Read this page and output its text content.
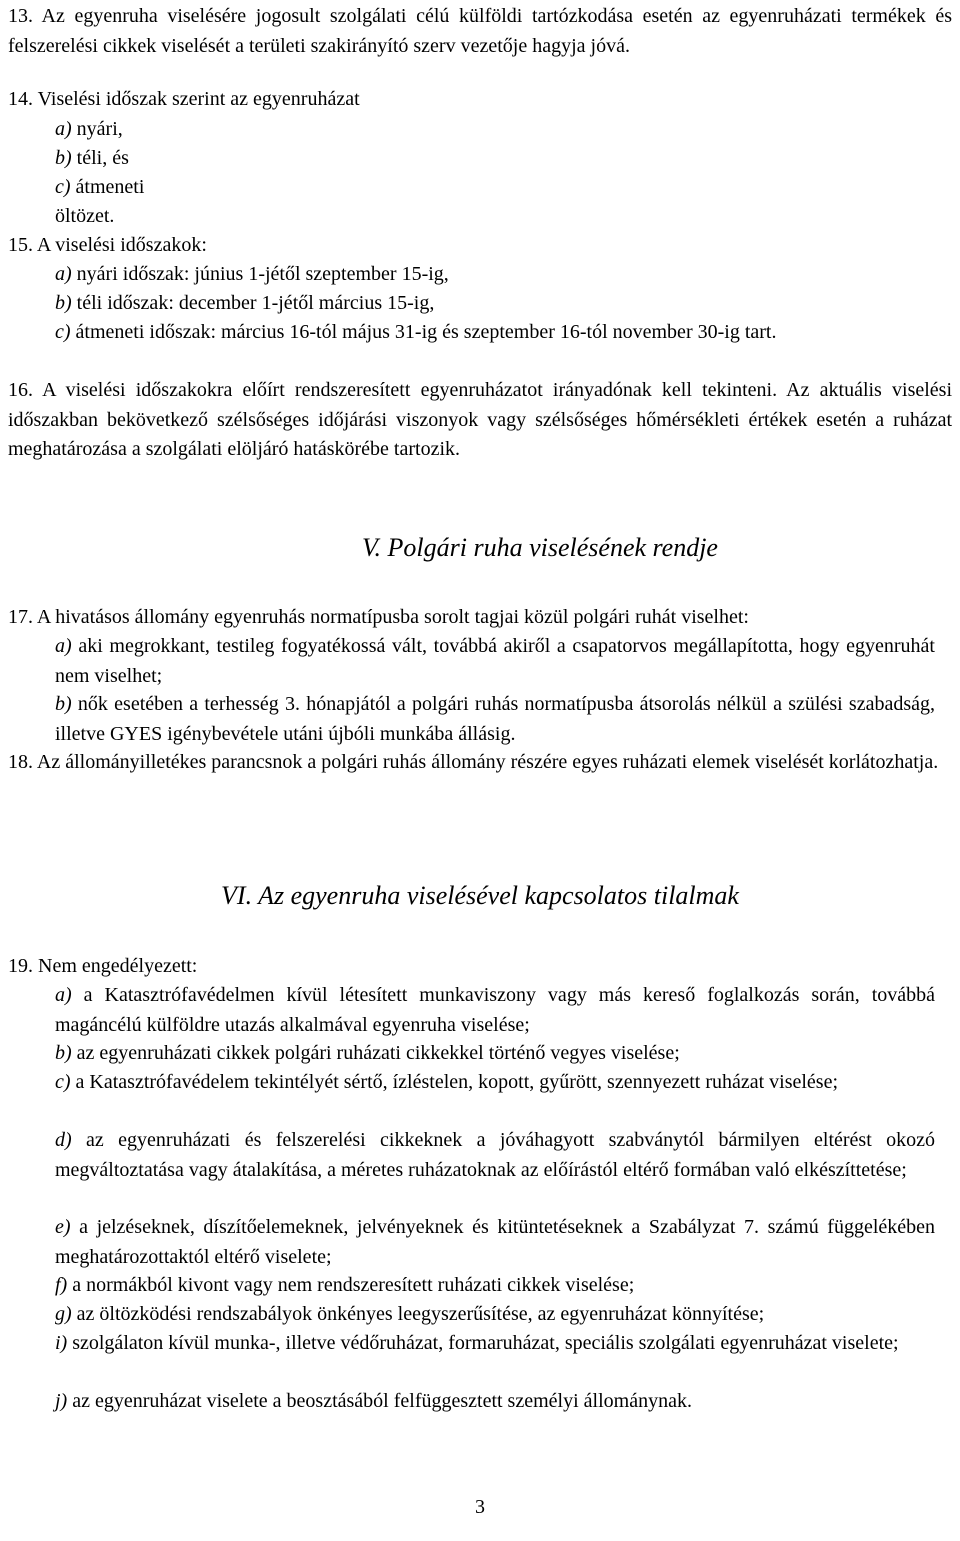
13. Az egyenruha viselésére jogosult szolgálati célú külföldi tartózkodása esetén az egyenruházati termékek és felszerelési cikkek viselését a területi szakirányító szerv vezetője hagyja jóvá.
14. Viselési időszak szerint az egyenruházat
a) nyári,
b) téli, és
c) átmeneti
öltözet.
15. A viselési időszakok:
a) nyári időszak: június 1-jétől szeptember 15-ig,
b) téli időszak: december 1-jétől március 15-ig,
c) átmeneti időszak: március 16-tól május 31-ig és szeptember 16-tól november 30-ig tart.
16. A viselési időszakokra előírt rendszeresített egyenruházatot irányadónak kell tekinteni. Az aktuális viselési időszakban bekövetkező szélsőséges időjárási viszonyok vagy szélsőséges hőmérsékleti értékek esetén a ruházat meghatározása a szolgálati elöljáró hatáskörébe tartozik.
V. Polgári ruha viselésének rendje
17. A hivatásos állomány egyenruhás normatípusba sorolt tagjai közül polgári ruhát viselhet:
a) aki megrokkant, testileg fogyatékossá vált, továbbá akiről a csapatorvos megállapította, hogy egyenruhát nem viselhet;
b) nők esetében a terhesség 3. hónapjától a polgári ruhás normatípusba átsorolás nélkül a szülési szabadság, illetve GYES igénybevétele utáni újbóli munkába állásig.
18. Az állományilletékes parancsnok a polgári ruhás állomány részére egyes ruházati elemek viselését korlátozhatja.
VI. Az egyenruha viselésével kapcsolatos tilalmak
19. Nem engedélyezett:
a) a Katasztrófavédelmen kívül létesített munkaviszony vagy más kereső foglalkozás során, továbbá magáncélú külföldre utazás alkalmával egyenruha viselése;
b) az egyenruházati cikkek polgári ruházati cikkekkel történő vegyes viselése;
c) a Katasztrófavédelem tekintélyét sértő, ízléstelen, kopott, gyűrött, szennyezett ruházat viselése;
d) az egyenruházati és felszerelési cikkeknek a jóváhagyott szabványtól bármilyen eltérést okozó megváltoztatása vagy átalakítása, a méretes ruházatoknak az előírástól eltérő formában való elkészíttetése;
e) a jelzéseknek, díszítőelemeknek, jelvényeknek és kitüntetéseknek a Szabályzat 7. számú függelékében meghatározottaktól eltérő viselete;
f) a normákból kivont vagy nem rendszeresített ruházati cikkek viselése;
g) az öltözködési rendszabályok önkényes leegyszerűsítése, az egyenruházat könnyítése;
i) szolgálaton kívül munka-, illetve védőruházat, formaruházat, speciális szolgálati egyenruházat viselete;
j) az egyenruházat viselete a beosztásából felfüggesztett személyi állománynak.
3
